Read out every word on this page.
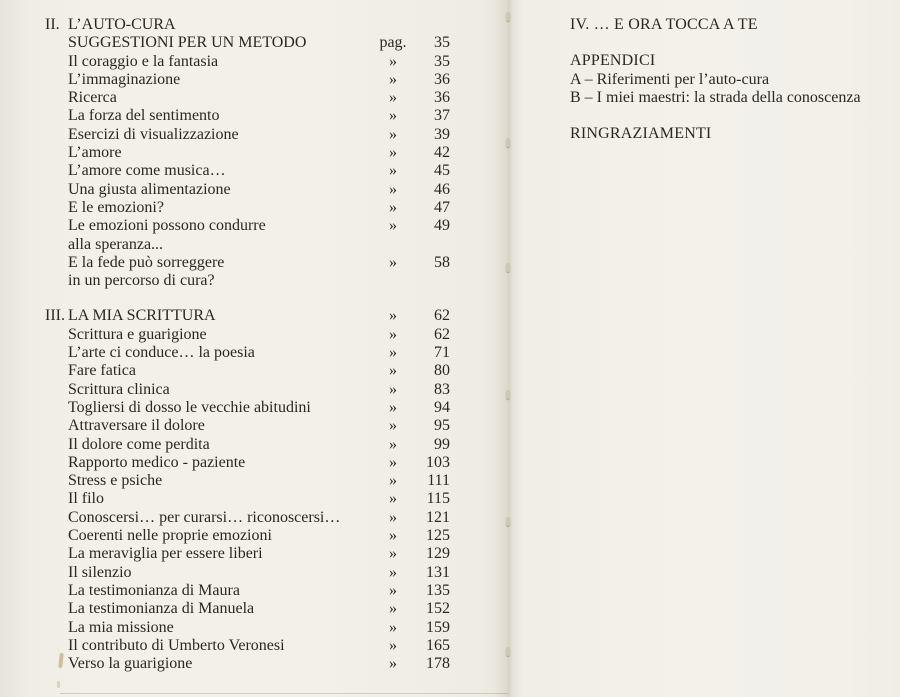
II. L’AUTO-CURA
SUGGESTIONI PER UN METODO	pag.	35
Il coraggio e la fantasia	»	35
L’immaginazione	»	36
Ricerca	»	36
La forza del sentimento	»	37
Esercizi di visualizzazione	»	39
L’amore	»	42
L’amore come musica…	»	45
Una giusta alimentazione	»	46
E le emozioni?	»	47
Le emozioni possono condurre	»	49
alla speranza...
E la fede può sorreggere	»	58
in un percorso di cura?
III. LA MIA SCRITTURA	»	62
Scrittura e guarigione	»	62
L’arte ci conduce… la poesia	»	71
Fare fatica	»	80
Scrittura clinica	»	83
Togliersi di dosso le vecchie abitudini	»	94
Attraversare il dolore	»	95
Il dolore come perdita	»	99
Rapporto medico - paziente	»	103
Stress e psiche	»	111
Il filo	»	115
Conoscersi… per curarsi… riconoscersi…	»	121
Coerenti nelle proprie emozioni	»	125
La meraviglia per essere liberi	»	129
Il silenzio	»	131
La testimonianza di Maura	»	135
La testimonianza di Manuela	»	152
La mia missione	»	159
Il contributo di Umberto Veronesi	»	165
Verso la guarigione	»	178
IV. … E ORA TOCCA A TE
APPENDICI
A – Riferimenti per l’auto-cura
B – I miei maestri: la strada della conoscenza
RINGRAZIAMENTI
